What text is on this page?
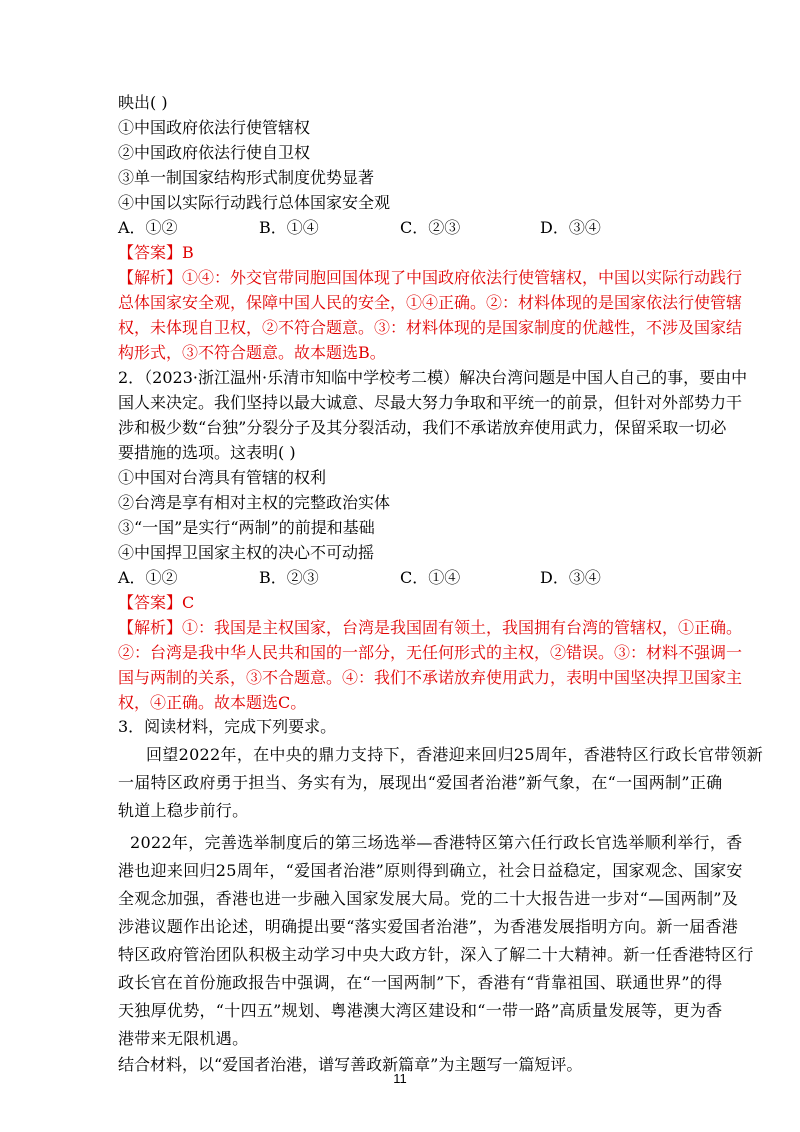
映出( )
①中国政府依法行使管辖权
②中国政府依法行使自卫权
③单一制国家结构形式制度优势显著
④中国以实际行动践行总体国家安全观
A．①②	B．①④	C．②③	D．③④
【答案】B
【解析】①④：外交官带同胞回国体现了中国政府依法行使管辖权，中国以实际行动践行
总体国家安全观，保障中国人民的安全，①④正确。②：材料体现的是国家依法行使管辖
权，未体现自卫权，②不符合题意。③：材料体现的是国家制度的优越性，不涉及国家结
构形式，③不符合题意。故本题选B。
2．（2023·浙江温州·乐清市知临中学校考二模）解决台湾问题是中国人自己的事，要由中
国人来决定。我们坚持以最大诚意、尽最大努力争取和平统一的前景，但针对外部势力干
涉和极少数“台独”分裂分子及其分裂活动，我们不承诺放弃使用武力，保留采取一切必
要措施的选项。这表明( )
①中国对台湾具有管辖的权利
②台湾是享有相对主权的完整政治实体
③“一国”是实行“两制”的前提和基础
④中国捍卫国家主权的决心不可动摇
A．①②	B．②③	C．①④	D．③④
【答案】C
【解析】①：我国是主权国家，台湾是我国固有领土，我国拥有台湾的管辖权，①正确。
②：台湾是我中华人民共和国的一部分，无任何形式的主权，②错误。③：材料不强调一
国与两制的关系，③不合题意。④：我们不承诺放弃使用武力，表明中国坚决捍卫国家主
权，④正确。故本题选C。
3．阅读材料，完成下列要求。
回望2022年，在中央的鼎力支持下，香港迎来回归25周年，香港特区行政长官带领新
一届特区政府勇于担当、务实有为，展现出“爱国者治港”新气象，在“一国两制”正确
轨道上稳步前行。
2022年，完善选举制度后的第三场选举—香港特区第六任行政长官选举顺利举行，香
港也迎来回归25周年，“爱国者治港”原则得到确立，社会日益稳定，国家观念、国家安
全观念加强，香港也进一步融入国家发展大局。党的二十大报告进一步对“—国两制”及
涉港议题作出论述，明确提出要“落实爱国者治港”，为香港发展指明方向。新一届香港
特区政府管治团队积极主动学习中央大政方针，深入了解二十大精神。新一任香港特区行
政长官在首份施政报告中强调，在“一国两制”下，香港有“背靠祖国、联通世界”的得
天独厚优势，“十四五”规划、粤港澳大湾区建设和“一带一路”高质量发展等，更为香
港带来无限机遇。
11
结合材料，以“爱国者治港，谱写善政新篇章”为主题写一篇短评。
